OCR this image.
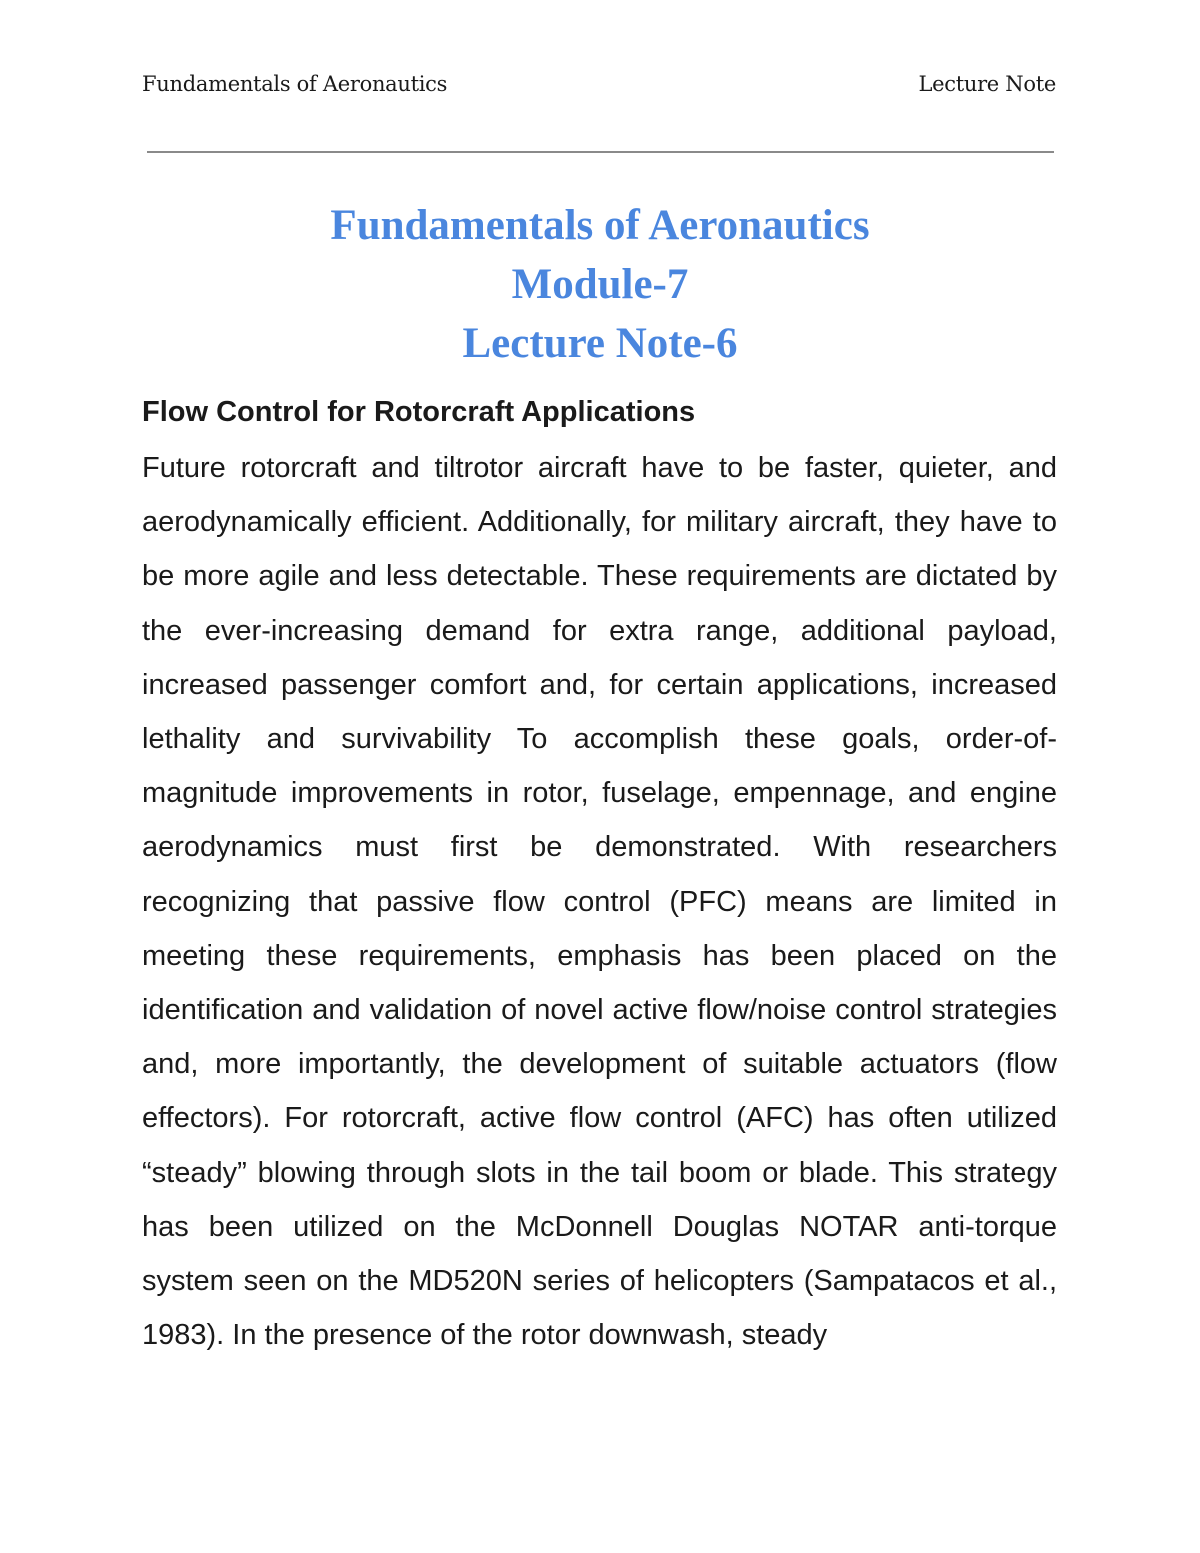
Fundamentals of Aeronautics	Lecture Note
Fundamentals of Aeronautics
Module-7
Lecture Note-6
Flow Control for Rotorcraft Applications

Future rotorcraft and tiltrotor aircraft have to be faster, quieter, and aerodynamically efficient. Additionally, for military aircraft, they have to be more agile and less detectable. These requirements are dictated by the ever-increasing demand for extra range, additional payload, increased passenger comfort and, for certain applications, increased lethality and survivability To accomplish these goals, order-of-magnitude improvements in rotor, fuselage, empennage, and engine aerodynamics must first be demonstrated. With researchers recognizing that passive flow control (PFC) means are limited in meeting these requirements, emphasis has been placed on the identification and validation of novel active flow/noise control strategies and, more importantly, the development of suitable actuators (flow effectors). For rotorcraft, active flow control (AFC) has often utilized “steady” blowing through slots in the tail boom or blade. This strategy has been utilized on the McDonnell Douglas NOTAR anti-torque system seen on the MD520N series of helicopters (Sampatacos et al., 1983). In the presence of the rotor downwash, steady
